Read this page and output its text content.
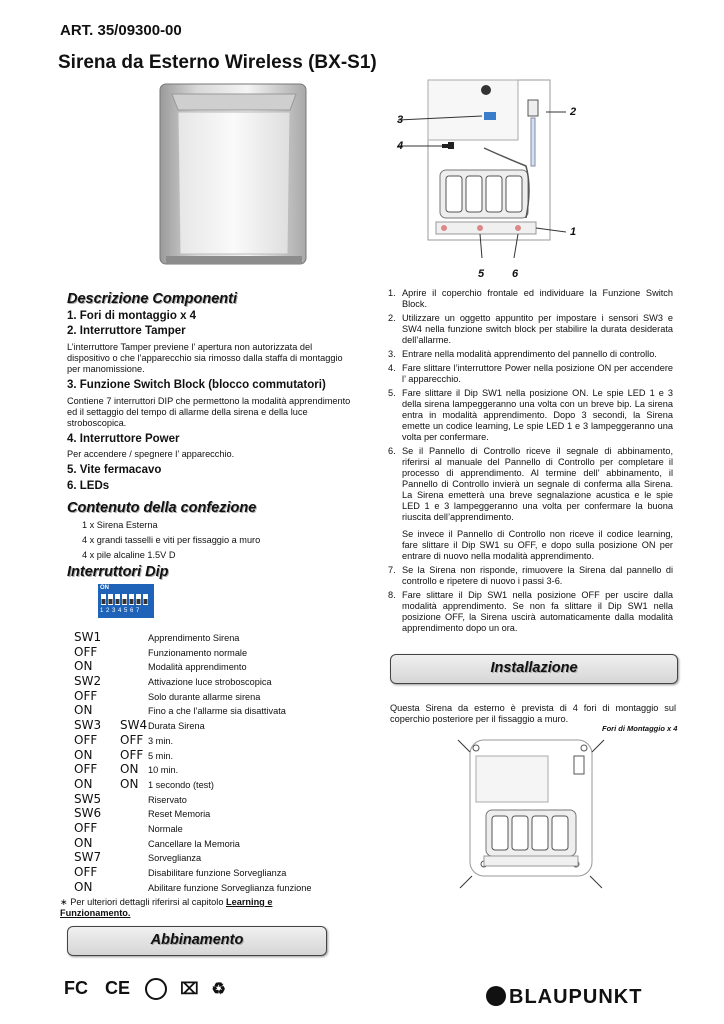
ART. 35/09300-00
Sirena da Esterno Wireless (BX-S1)
3
4
2
1
5	6
Descrizione Componenti
1. Fori di montaggio x 4
2. Interruttore Tamper
L’interruttore Tamper previene l’ apertura non autorizzata del dispositivo o che l’apparecchio sia rimosso dalla staffa di montaggio per manomissione.
3. Funzione Switch Block (blocco commutatori)
Contiene 7 interruttori DIP che permettono la modalità apprendimento ed il settaggio del tempo di allarme della sirena e della luce stroboscopica.
4. Interruttore Power
Per accendere / spegnere l’ apparecchio.
5. Vite fermacavo
6. LEDs
Contenuto della confezione
1 x Sirena Esterna
4 x grandi tasselli e viti per fissaggio a muro
4 x pile alcaline 1.5V D
Interruttori Dip
ON
1 2 3 4 5 6 7
SW1	Apprendimento Sirena
OFF	Funzionamento normale
ON	Modalità apprendimento
SW2	Attivazione luce stroboscopica
OFF	Solo durante allarme sirena
ON	Fino a che l’allarme sia disattivata
SW3 SW4 Durata Sirena
OFF OFF 3 min.
ON OFF 5 min.
OFF ON 10 min.
ON ON 1 secondo (test)
SW5	Riservato
SW6	Reset Memoria
OFF	Normale
ON	Cancellare la Memoria
SW7	Sorveglianza
OFF	Disabilitare funzione Sorveglianza
ON	Abilitare funzione Sorveglianza funzione
∗ Per ulteriori dettagli riferirsi al capitolo Learning e Funzionamento.
Abbinamento
1. Aprire il coperchio frontale ed individuare la Funzione Switch Block.
2. Utilizzare un oggetto appuntito per impostare i sensori SW3 e SW4 nella funzione switch block per stabilire la durata desiderata dell’allarme.
3. Entrare nella modalità apprendimento del pannello di controllo.
4. Fare slittare l’interruttore Power nella posizione ON per accendere l’ apparecchio.
5. Fare slittare il Dip SW1 nella posizione ON. Le spie LED 1 e 3 della sirena lampeggeranno una volta con un breve bip. La sirena entra in modalità apprendimento. Dopo 3 secondi, la Sirena emette un codice learning, Le spie LED 1 e 3 lampeggeranno una volta per confermare.
6. Se il Pannello di Controllo riceve il segnale di abbinamento, riferirsi al manuale del Pannello di Controllo per completare il processo di apprendimento. Al termine dell’ abbinamento, il Pannello di Controllo invierà un segnale di conferma alla Sirena. La Sirena emetterà una breve segnalazione acustica e le spie LED 1 e 3 lampeggeranno una volta per confermare la buona riuscita dell’apprendimento.
Se invece il Pannello di Controllo non riceve il codice learning, fare slittare il Dip SW1 su OFF, e dopo sulla posizione ON per entrare di nuovo nella modalità apprendimento.
7. Se la Sirena non risponde, rimuovere la Sirena dal pannello di controllo e ripetere di nuovo i passi 3-6.
8. Fare slittare il Dip SW1 nella posizione OFF per uscire dalla modalità apprendimento. Se non fa slittare il Dip SW1 nella posizione OFF, la Sirena uscirà automaticamente dalla modalità apprendimento dopo un ora.
Installazione
Questa Sirena da esterno è prevista di 4 fori di montaggio sul coperchio posteriore per il fissaggio a muro.
Fori di Montaggio x 4
FC CE	⌧ ♻	BLAUPUNKT
